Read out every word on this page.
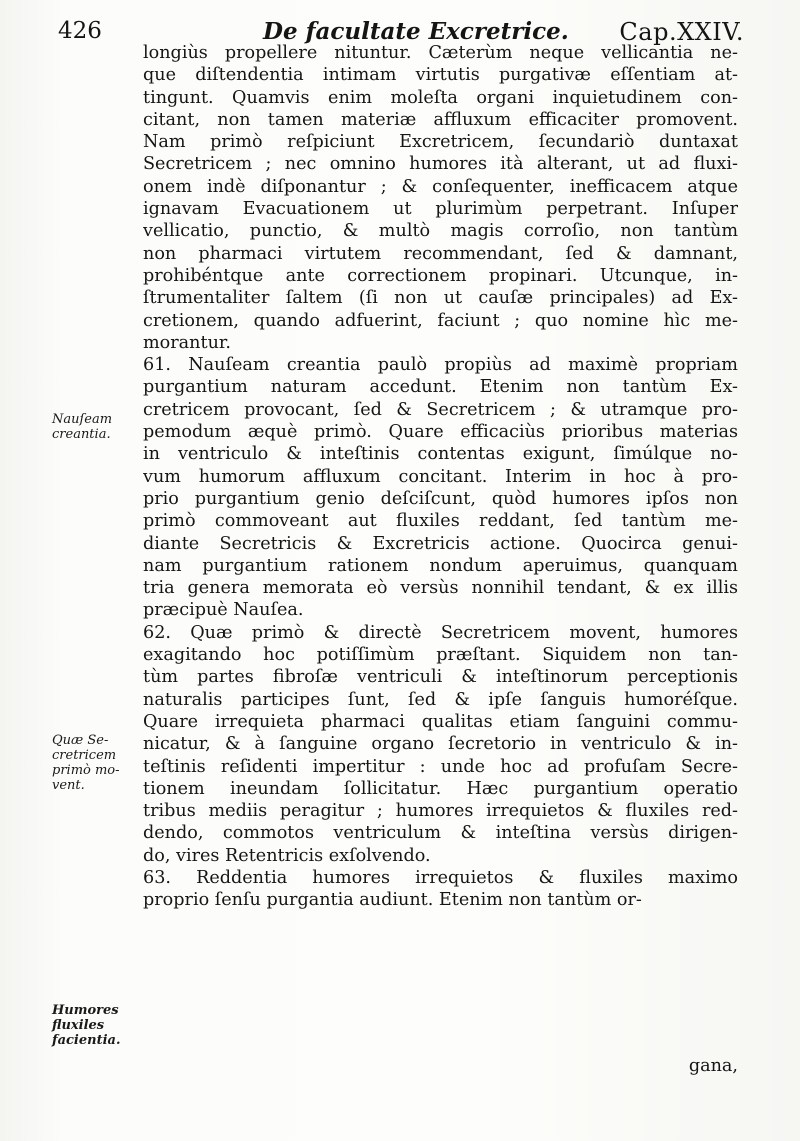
426	De facultate Excretrice. Cap.XXIV.
longiùs propellere nituntur. Cæterùm neque vellicantia ne-
que diſtendentia intimam virtutis purgativæ eſſentiam at-
tingunt. Quamvis enim moleſta organi inquietudinem con-
citant, non tamen materiæ affluxum efficaciter promovent.
Nam primò reſpiciunt Excretricem, ſecundariò duntaxat
Secretricem ; nec omnino humores ità alterant, ut ad fluxi-
onem indè diſponantur ; & conſequenter, inefficacem atque
ignavam Evacuationem ut plurimùm perpetrant. Inſuper
vellicatio, punctio, & multò magis corroſio, non tantùm
non pharmaci virtutem recommendant, ſed & damnant,
prohibéntque ante correctionem propinari. Utcunque, in-
ſtrumentaliter ſaltem (ſi non ut cauſæ principales) ad Ex-
cretionem, quando adfuerint, faciunt ; quo nomine hìc me-
morantur.
61. Nauſeam creantia paulò propiùs ad maximè propriam
purgantium naturam accedunt. Etenim non tantùm Ex-
cretricem provocant, ſed & Secretricem ; & utramque pro-
pemodum æquè primò. Quare efficaciùs prioribus materias
in ventriculo & inteſtinis contentas exigunt, ſimúlque no-
vum humorum affluxum concitant. Interim in hoc à pro-
prio purgantium genio deſciſcunt, quòd humores ipſos non
primò commoveant aut fluxiles reddant, ſed tantùm me-
diante Secretricis & Excretricis actione. Quocirca genui-
nam purgantium rationem nondum aperuimus, quanquam
tria genera memorata eò versùs nonnihil tendant, & ex illis
præcipuè Nauſea.
62. Quæ primò & directè Secretricem movent, humores
exagitando hoc potiſſimùm præſtant. Siquidem non tan-
tùm partes fibroſæ ventriculi & inteſtinorum perceptionis
naturalis participes ſunt, ſed & ipſe ſanguis humoréſque.
Quare irrequieta pharmaci qualitas etiam ſanguini commu-
nicatur, & à ſanguine organo ſecretorio in ventriculo & in-
teſtinis reſidenti impertitur : unde hoc ad profuſam Secre-
tionem ineundam ſollicitatur. Hæc purgantium operatio
tribus mediis peragitur ; humores irrequietos & fluxiles red-
dendo, commotos ventriculum & inteſtina versùs dirigen-
do, vires Retentricis exſolvendo.
63. Reddentia humores irrequietos & fluxiles maximo
proprio ſenſu purgantia audiunt. Etenim non tantùm or-
Nauſeam
creantia.
Quæ Se-
cretricem
primò mo-
vent.
Humores
fluxiles
facientia.
gana,
